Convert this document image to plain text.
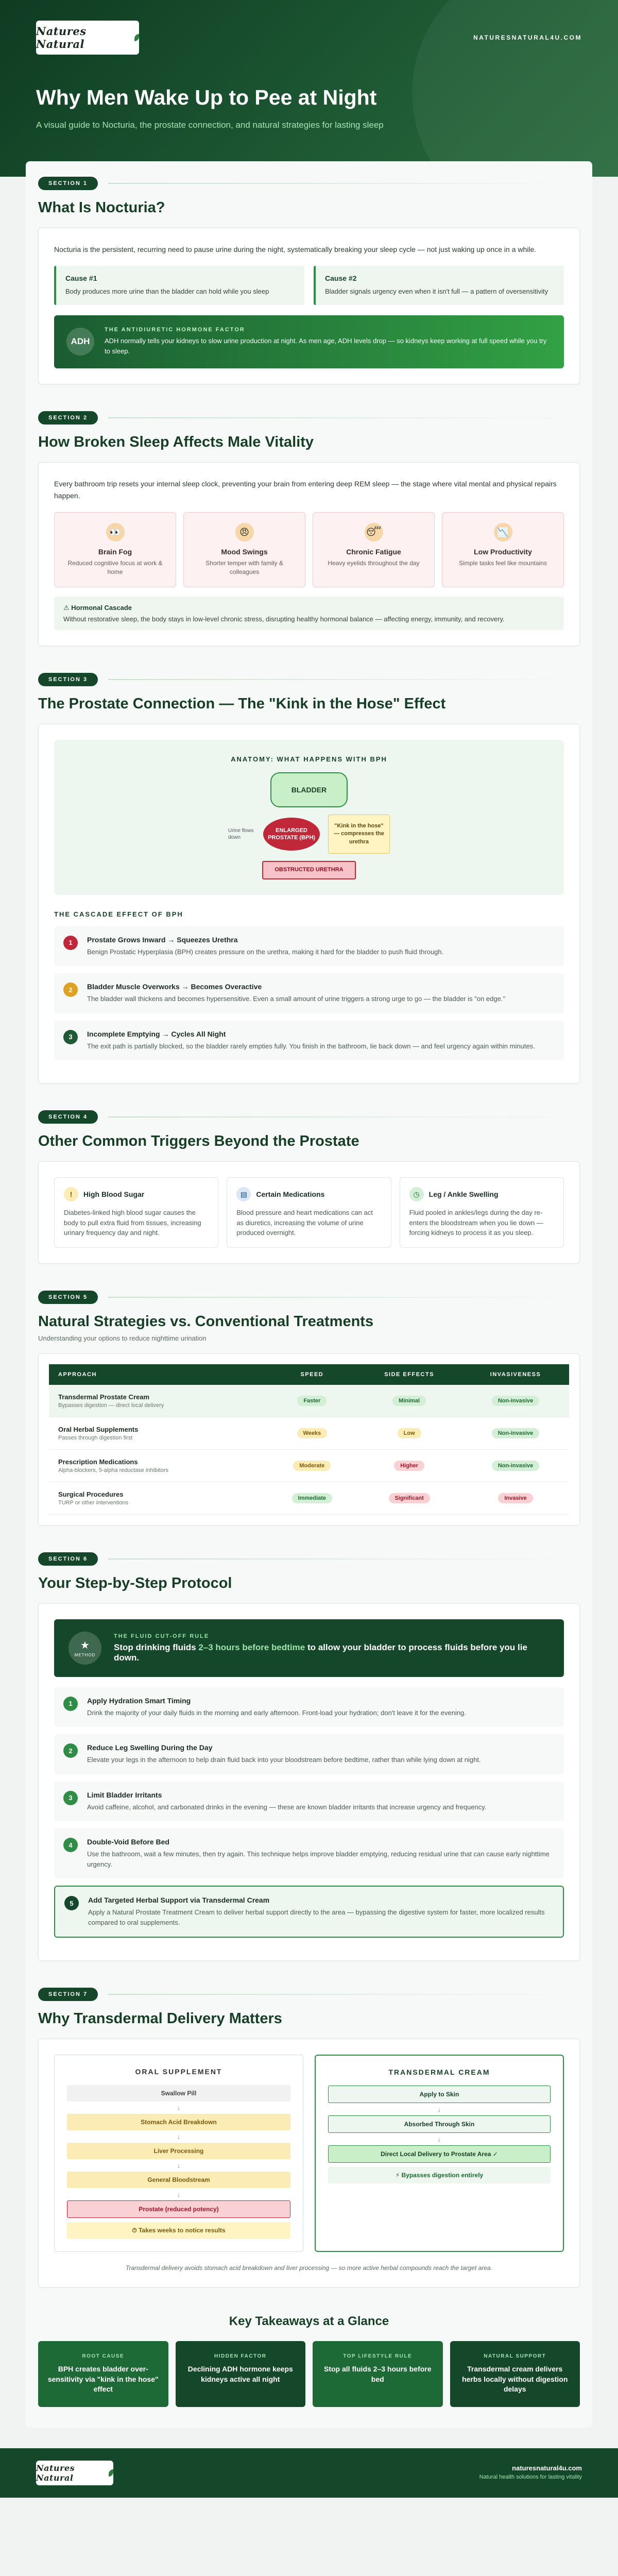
Natures Natural	NATURESNATURAL4U.COM
Why Men Wake Up to Pee at Night

A visual guide to Nocturia, the prostate connection, and natural strategies for lasting sleep

SECTION 1
What Is Nocturia?

Nocturia is the persistent, recurring need to pause urine during the night, systematically breaking your sleep cycle — not just waking up once in a while.

Cause #1

Body produces more urine than the bladder can hold while you sleep

Cause #2

Bladder signals urgency even when it isn't full — a pattern of oversensitivity

ADH
THE ANTIDIURETIC HORMONE FACTOR

ADH normally tells your kidneys to slow urine production at night. As men age, ADH levels drop — so kidneys keep working at full speed while you try to sleep.

SECTION 2
How Broken Sleep Affects Male Vitality

Every bathroom trip resets your internal sleep clock, preventing your brain from entering deep REM sleep — the stage where vital mental and physical repairs happen.

👀
Brain Fog

Reduced cognitive focus at work & home

😠
Mood Swings

Shorter temper with family & colleagues

😴
Chronic Fatigue

Heavy eyelids throughout the day

📉
Low Productivity

Simple tasks feel like mountains

⚠ Hormonal Cascade

Without restorative sleep, the body stays in low-level chronic stress, disrupting healthy hormonal balance — affecting energy, immunity, and recovery.

SECTION 3
The Prostate Connection — The "Kink in the Hose" Effect
ANATOMY: WHAT HAPPENS WITH BPH
BLADDER
Urine flows down
ENLARGED PROSTATE (BPH)
"Kink in the hose" — compresses the urethra
OBSTRUCTED URETHRA
THE CASCADE EFFECT OF BPH
1	Prostate Grows Inward → Squeezes Urethra

Benign Prostatic Hyperplasia (BPH) creates pressure on the urethra, making it hard for the bladder to push fluid through.

2	Bladder Muscle Overworks → Becomes Overactive

The bladder wall thickens and becomes hypersensitive. Even a small amount of urine triggers a strong urge to go — the bladder is "on edge."

3	Incomplete Emptying → Cycles All Night

The exit path is partially blocked, so the bladder rarely empties fully. You finish in the bathroom, lie back down — and feel urgency again within minutes.

SECTION 4
Other Common Triggers Beyond the Prostate
!	High Blood Sugar

Diabetes-linked high blood sugar causes the body to pull extra fluid from tissues, increasing urinary frequency day and night.

▤	Certain Medications

Blood pressure and heart medications can act as diuretics, increasing the volume of urine produced overnight.

◷	Leg / Ankle Swelling

Fluid pooled in ankles/legs during the day re-enters the bloodstream when you lie down — forcing kidneys to process it as you sleep.

SECTION 5
Natural Strategies vs. Conventional Treatments

Understanding your options to reduce nighttime urination

APPROACH	SPEED	SIDE EFFECTS	INVASIVENESS

Transdermal Prostate Cream
Bypasses digestion — direct local delivery	Faster	Minimal	Non-invasive

Oral Herbal Supplements
Passes through digestion first	Weeks	Low	Non-invasive

Prescription Medications
Alpha-blockers, 5-alpha reductase inhibitors	Moderate	Higher	Non-invasive

Surgical Procedures
TURP or other interventions	Immediate	Significant	Invasive
SECTION 6
Your Step-by-Step Protocol
★
METHOD
THE FLUID CUT-OFF RULE

Stop drinking fluids 2–3 hours before bedtime to allow your bladder to process fluids before you lie down.

1	Apply Hydration Smart Timing

Drink the majority of your daily fluids in the morning and early afternoon. Front-load your hydration; don't leave it for the evening.

2	Reduce Leg Swelling During the Day

Elevate your legs in the afternoon to help drain fluid back into your bloodstream before bedtime, rather than while lying down at night.

3	Limit Bladder Irritants

Avoid caffeine, alcohol, and carbonated drinks in the evening — these are known bladder irritants that increase urgency and frequency.

4	Double-Void Before Bed

Use the bathroom, wait a few minutes, then try again. This technique helps improve bladder emptying, reducing residual urine that can cause early nighttime urgency.

5	Add Targeted Herbal Support via Transdermal Cream

Apply a Natural Prostate Treatment Cream to deliver herbal support directly to the area — bypassing the digestive system for faster, more localized results compared to oral supplements.

SECTION 7
Why Transdermal Delivery Matters
ORAL SUPPLEMENT
Swallow Pill
↓
Stomach Acid Breakdown
↓
Liver Processing
↓
General Bloodstream
↓
Prostate (reduced potency)
⏱ Takes weeks to notice results
TRANSDERMAL CREAM
Apply to Skin
↓
Absorbed Through Skin
↓
Direct Local Delivery to Prostate Area ✓
⚡ Bypasses digestion entirely

Transdermal delivery avoids stomach acid breakdown and liver processing — so more active herbal compounds reach the target area.

Key Takeaways at a Glance
ROOT CAUSE

BPH creates bladder over-sensitivity via "kink in the hose" effect

HIDDEN FACTOR

Declining ADH hormone keeps kidneys active all night

TOP LIFESTYLE RULE

Stop all fluids 2–3 hours before bed

NATURAL SUPPORT

Transdermal cream delivers herbs locally without digestion delays

Natures Natural
naturesnatural4u.com
Natural health solutions for lasting vitality
